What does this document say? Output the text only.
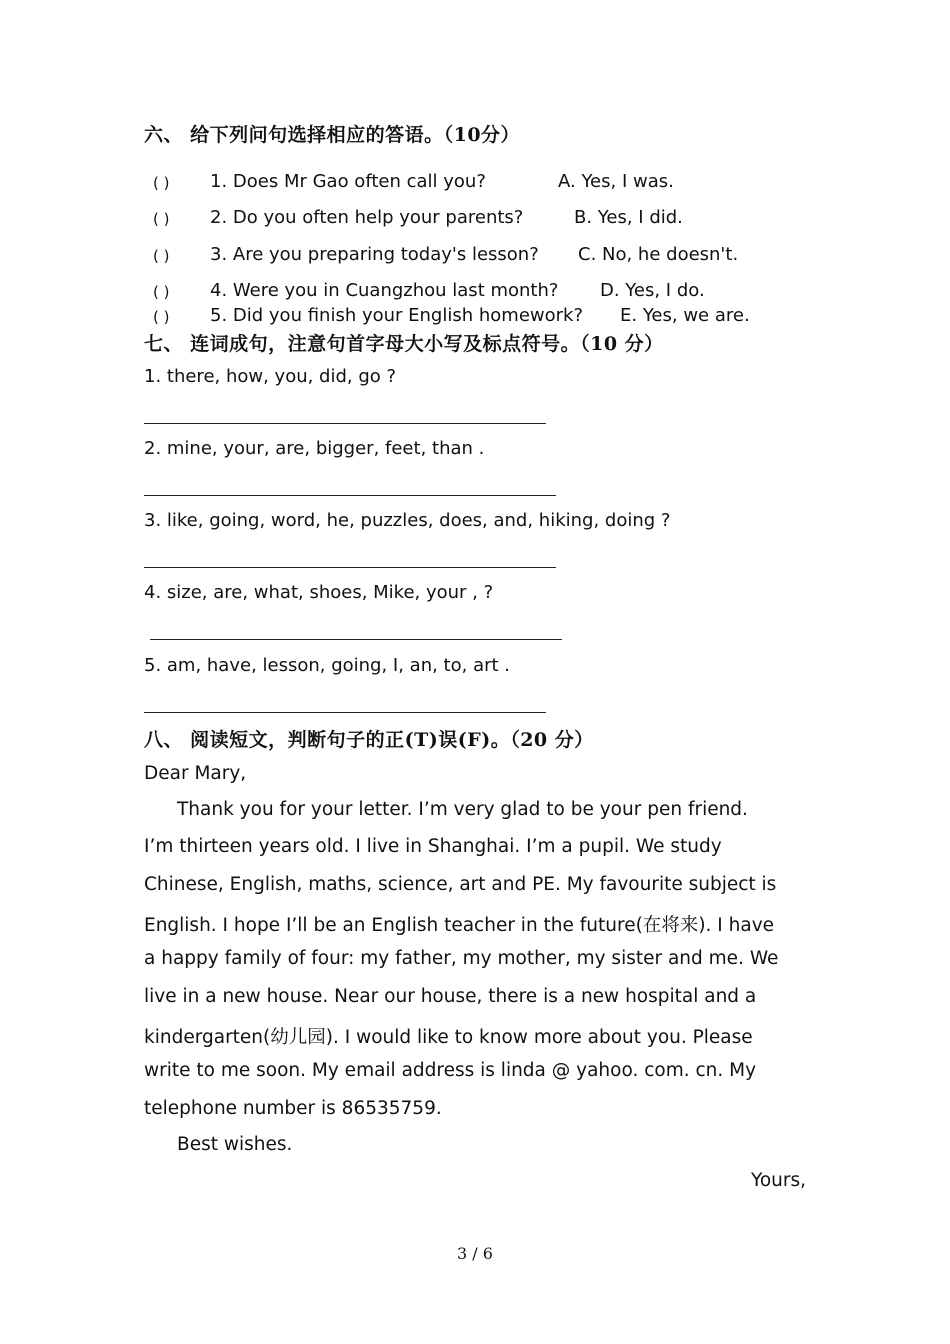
六、 给下列问句选择相应的答语。（10分）
( ) 1. Does Mr Gao often call you?	A. Yes, I was.
( ) 2. Do you often help your parents?	B. Yes, I did.
( ) 3. Are you preparing today's lesson? C. No, he doesn't.
( ) 4. Were you in Cuangzhou last month? D. Yes, I do.
( ) 5. Did you finish your English homework? E. Yes, we are.
七、 连词成句，注意句首字母大小写及标点符号。（10 分）
1. there, how, you, did, go ?
2. mine, your, are, bigger, feet, than .
3. like, going, word, he, puzzles, does, and, hiking, doing ?
4. size, are, what, shoes, Mike, your , ?
5. am, have, lesson, going, I, an, to, art .
八、 阅读短文，判断句子的正(T)误(F)。（20 分）
Dear Mary,
Thank you for your letter. I’m very glad to be your pen friend.
I’m thirteen years old. I live in Shanghai. I’m a pupil. We study
Chinese, English, maths, science, art and PE. My favourite subject is
English. I hope I’ll be an English teacher in the future(在将来). I have
a happy family of four: my father, my mother, my sister and me. We
live in a new house. Near our house, there is a new hospital and a
kindergarten(幼儿园). I would like to know more about you. Please
write to me soon. My email address is linda @ yahoo. com. cn. My
telephone number is 86535759.
Best wishes.
Yours,
3 / 6
